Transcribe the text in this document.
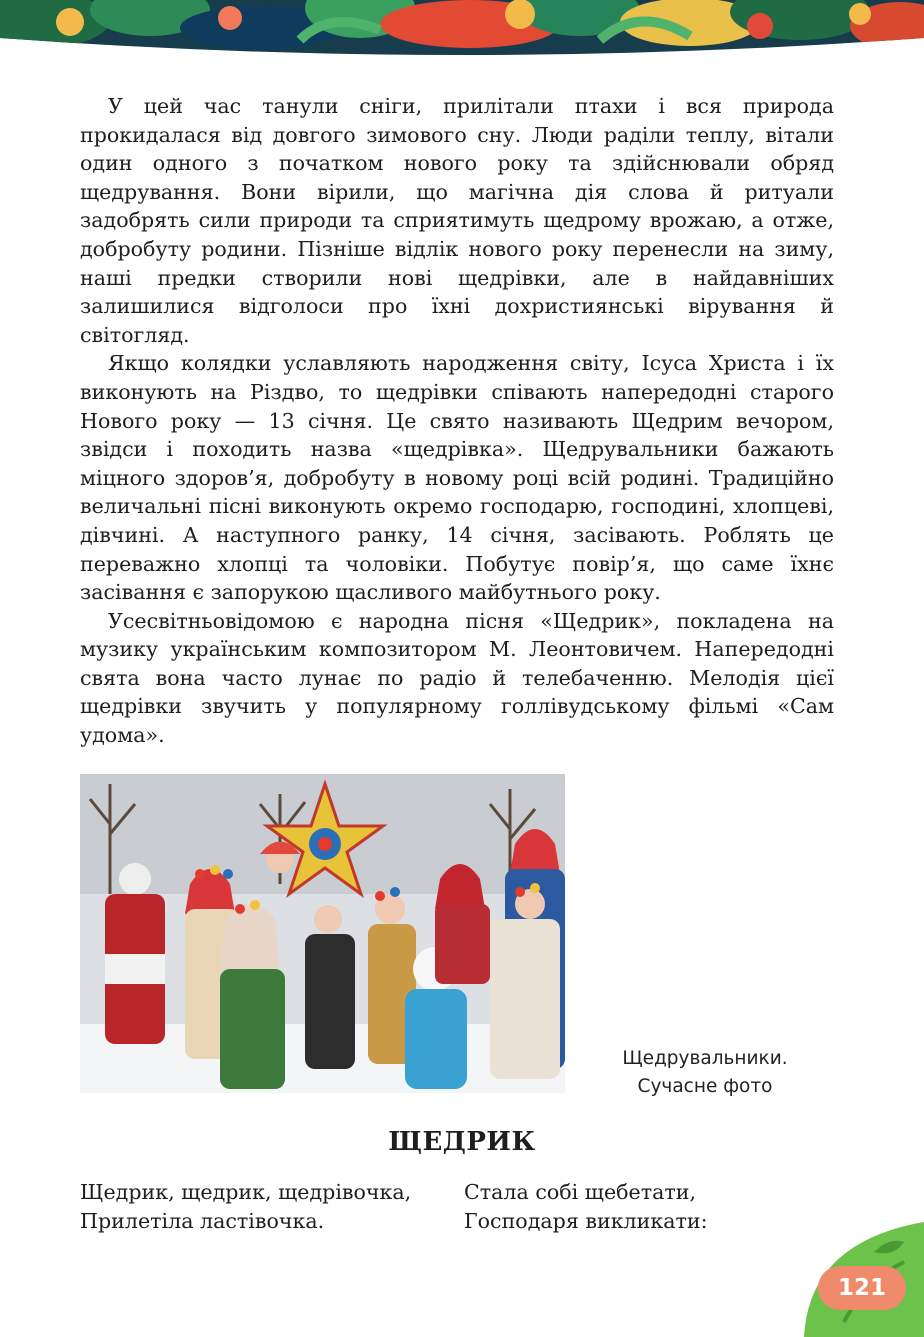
У цей час танули сніги, прилітали птахи і вся природа прокидалася від довгого зимового сну. Люди раділи теплу, вітали один одного з початком нового року та здійснювали обряд щедрування. Вони вірили, що магічна дія слова й ритуали задобрять сили природи та сприятимуть щедрому врожаю, а отже, добробуту родини. Пізніше відлік нового року перенесли на зиму, наші предки створили нові щедрівки, але в найдавніших залишилися відголоси про їхні дохристиянські вірування й світогляд.

Якщо колядки уславляють народження світу, Ісуса Христа і їх виконують на Різдво, то щедрівки співають напередодні старого Нового року — 13 січня. Це свято називають Щедрим вечором, звідси і походить назва «щедрівка». Щедрувальники бажають міцного здоров’я, добробуту в новому році всій родині. Традиційно величальні пісні виконують окремо господарю, господині, хлопцеві, дівчині. А наступного ранку, 14 січня, засівають. Роблять це переважно хлопці та чоловіки. Побутує повір’я, що саме їхнє засівання є запорукою щасливого майбутнього року.

Усесвітньовідомою є народна пісня «Щедрик», покладена на музику українським композитором М. Леонтовичем. Напередодні свята вона часто лунає по радіо й телебаченню. Мелодія цієї щедрівки звучить у популярному голлівудському фільмі «Сам удома».

Щедрувальники.
Сучасне фото
ЩЕДРИК
Щедрик, щедрик, щедрівочка,
Прилетіла ластівочка.
Стала собі щебетати,
Господаря викликати:
121
